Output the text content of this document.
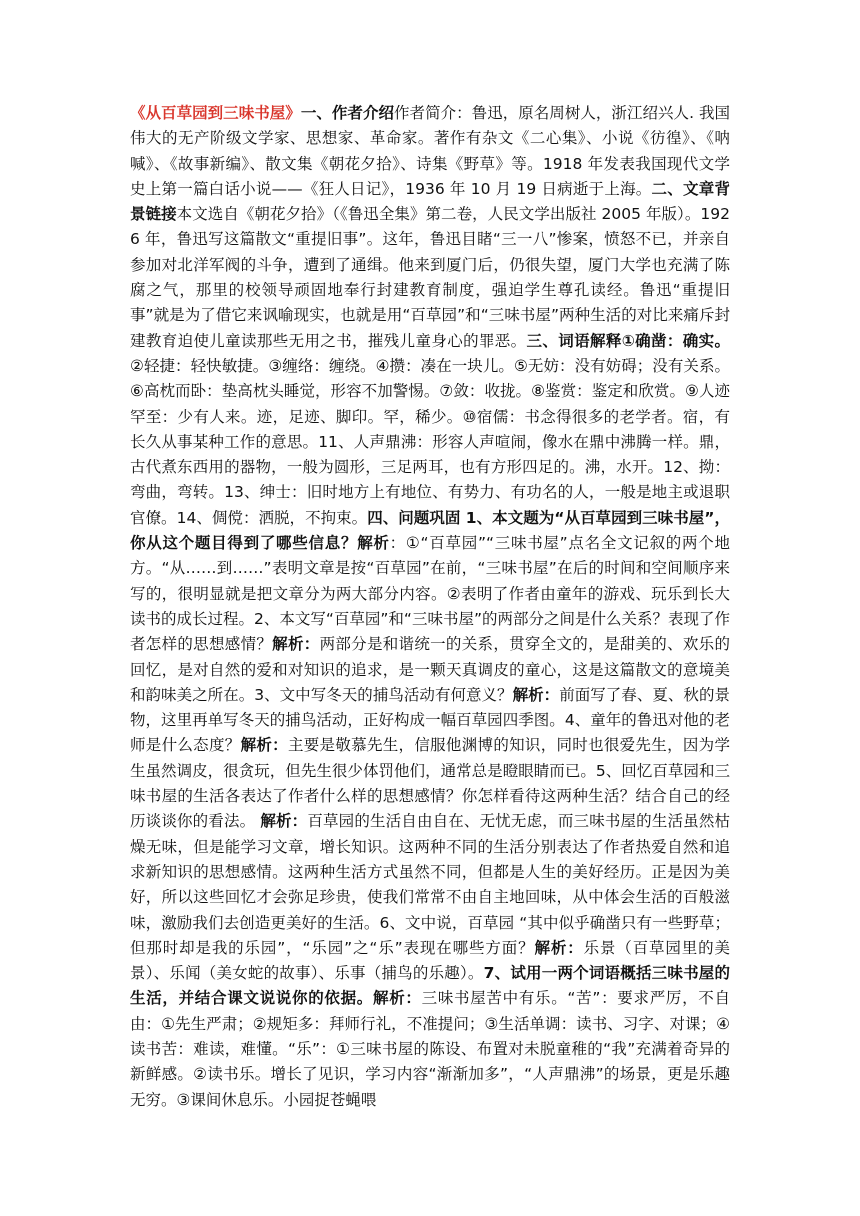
《从百草园到三味书屋》一、作者介绍作者简介：鲁迅，原名周树人，浙江绍兴人. 我国伟大的无产阶级文学家、思想家、革命家。著作有杂文《二心集》、小说《彷徨》、《呐喊》、《故事新编》、散文集《朝花夕拾》、诗集《野草》等。1918 年发表我国现代文学史上第一篇白话小说——《狂人日记》，1936 年 10 月 19 日病逝于上海。二、文章背景链接本文选自《朝花夕拾》（《鲁迅全集》第二卷，人民文学出版社 2005 年版）。1926 年，鲁迅写这篇散文“重提旧事”。这年，鲁迅目睹“三一八”惨案，愤怒不已，并亲自参加对北洋军阀的斗争，遭到了通缉。他来到厦门后，仍很失望，厦门大学也充满了陈腐之气，那里的校领导顽固地奉行封建教育制度，强迫学生尊孔读经。鲁迅“重提旧事”就是为了借它来讽喻现实，也就是用“百草园”和“三味书屋”两种生活的对比来痛斥封建教育迫使儿童读那些无用之书，摧残儿童身心的罪恶。三、词语解释①确凿：确实。②轻捷：轻快敏捷。③缠络：缠绕。④攒：凑在一块儿。⑤无妨：没有妨碍；没有关系。⑥高枕而卧：垫高枕头睡觉，形容不加警惕。⑦敛：收拢。⑧鉴赏：鉴定和欣赏。⑨人迹罕至：少有人来。迹，足迹、脚印。罕，稀少。⑩宿儒：书念得很多的老学者。宿，有长久从事某种工作的意思。11、人声鼎沸：形容人声喧闹，像水在鼎中沸腾一样。鼎，古代煮东西用的器物，一般为圆形，三足两耳，也有方形四足的。沸，水开。12、拗：弯曲，弯转。13、绅士：旧时地方上有地位、有势力、有功名的人，一般是地主或退职官僚。14、倜傥：洒脱，不拘束。四、问题巩固 1、本文题为“从百草园到三味书屋”，你从这个题目得到了哪些信息？解析：①“百草园”“三味书屋”点名全文记叙的两个地方。“从……到……”表明文章是按“百草园”在前，“三味书屋”在后的时间和空间顺序来写的，很明显就是把文章分为两大部分内容。②表明了作者由童年的游戏、玩乐到长大读书的成长过程。2、本文写“百草园”和“三味书屋”的两部分之间是什么关系？表现了作者怎样的思想感情？解析：两部分是和谐统一的关系，贯穿全文的，是甜美的、欢乐的回忆，是对自然的爱和对知识的追求，是一颗天真调皮的童心，这是这篇散文的意境美和韵味美之所在。3、文中写冬天的捕鸟活动有何意义？解析：前面写了春、夏、秋的景物，这里再单写冬天的捕鸟活动，正好构成一幅百草园四季图。4、童年的鲁迅对他的老师是什么态度？解析：主要是敬慕先生，信服他渊博的知识，同时也很爱先生，因为学生虽然调皮，很贪玩，但先生很少体罚他们，通常总是瞪眼睛而已。5、回忆百草园和三味书屋的生活各表达了作者什么样的思想感情？你怎样看待这两种生活？结合自己的经历谈谈你的看法。 解析：百草园的生活自由自在、无忧无虑，而三味书屋的生活虽然枯燥无味，但是能学习文章，增长知识。这两种不同的生活分别表达了作者热爱自然和追求新知识的思想感情。这两种生活方式虽然不同，但都是人生的美好经历。正是因为美好，所以这些回忆才会弥足珍贵，使我们常常不由自主地回味，从中体会生活的百般滋味，激励我们去创造更美好的生活。6、文中说，百草园 “其中似乎确凿只有一些野草；但那时却是我的乐园”，“乐园”之“乐”表现在哪些方面？解析：乐景（百草园里的美景）、乐闻（美女蛇的故事）、乐事（捕鸟的乐趣）。7、试用一两个词语概括三味书屋的生活，并结合课文说说你的依据。解析：三味书屋苦中有乐。“苦”：要求严厉，不自由：①先生严肃；②规矩多：拜师行礼，不准提问；③生活单调：读书、习字、对课；④读书苦：难读，难懂。“乐”：①三味书屋的陈设、布置对未脱童稚的“我”充满着奇异的新鲜感。②读书乐。增长了见识，学习内容“渐渐加多”，“人声鼎沸”的场景，更是乐趣无穷。③课间休息乐。小园捉苍蝇喂
